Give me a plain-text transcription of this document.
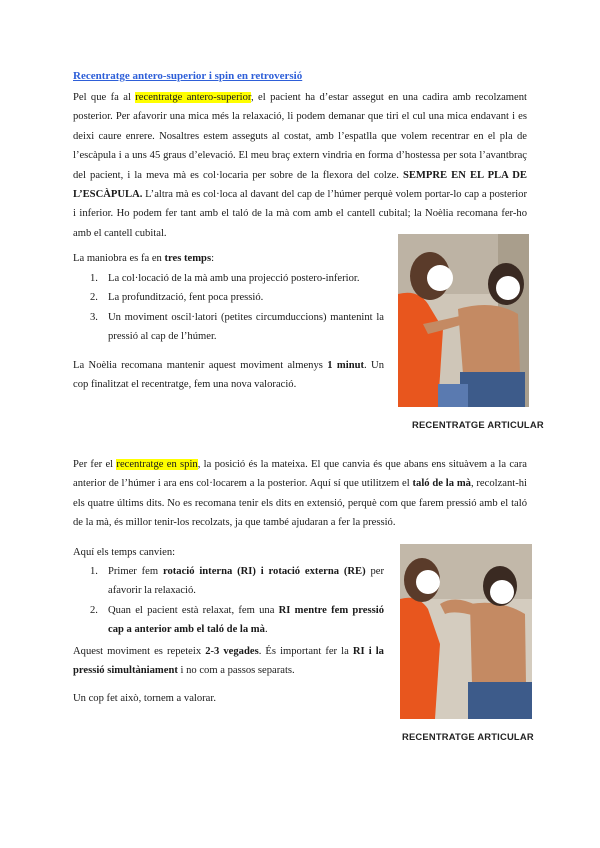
Recentratge antero-superior i spin en retroversió

Pel que fa al recentratge antero-superior, el pacient ha d’estar assegut en una cadira amb recolzament posterior. Per afavorir una mica més la relaxació, li podem demanar que tiri el cul una mica endavant i es deixi caure enrere. Nosaltres estem asseguts al costat, amb l’espatlla que volem recentrar en el pla de l’escàpula i a uns 45 graus d’elevació. El meu braç extern vindria en forma d’hostessa per sota l’avantbraç del pacient, i la meva mà es col·locaria per sobre de la flexora del colze. SEMPRE EN EL PLA DE L’ESCÀPULA. L’altra mà es col·loca al davant del cap de l’húmer perquè volem portar-lo cap a posterior i inferior. Ho podem fer tant amb el taló de la mà com amb el cantell cubital; la Noèlia recomana fer-ho amb el cantell cubital.

La maniobra es fa en tres temps:

1. La col·locació de la mà amb una projecció postero-inferior.
2. La profundització, fent poca pressió.
3. Un moviment oscil·latori (petites circumduccions) mantenint la pressió al cap de l’húmer.

La Noèlia recomana mantenir aquest moviment almenys 1 minut. Un cop finalitzat el recentratge, fem una nova valoració.

RECENTRATGE ARTICULAR

Per fer el recentratge en spin, la posició és la mateixa. El que canvia és que abans ens situàvem a la cara anterior de l’húmer i ara ens col·locarem a la posterior. Aquí sí que utilitzem el taló de la mà, recolzant-hi els quatre últims dits. No es recomana tenir els dits en extensió, perquè com que farem pressió amb el taló de la mà, és millor tenir-los recolzats, ja que també ajudaran a fer la pressió.

Aquí els temps canvien:

1. Primer fem rotació interna (RI) i rotació externa (RE) per afavorir la relaxació.
2. Quan el pacient està relaxat, fem una RI mentre fem pressió cap a anterior amb el taló de la mà.

Aquest moviment es repeteix 2-3 vegades. És important fer la RI i la pressió simultàniament i no com a passos separats.

Un cop fet això, tornem a valorar.

RECENTRATGE ARTICULAR
